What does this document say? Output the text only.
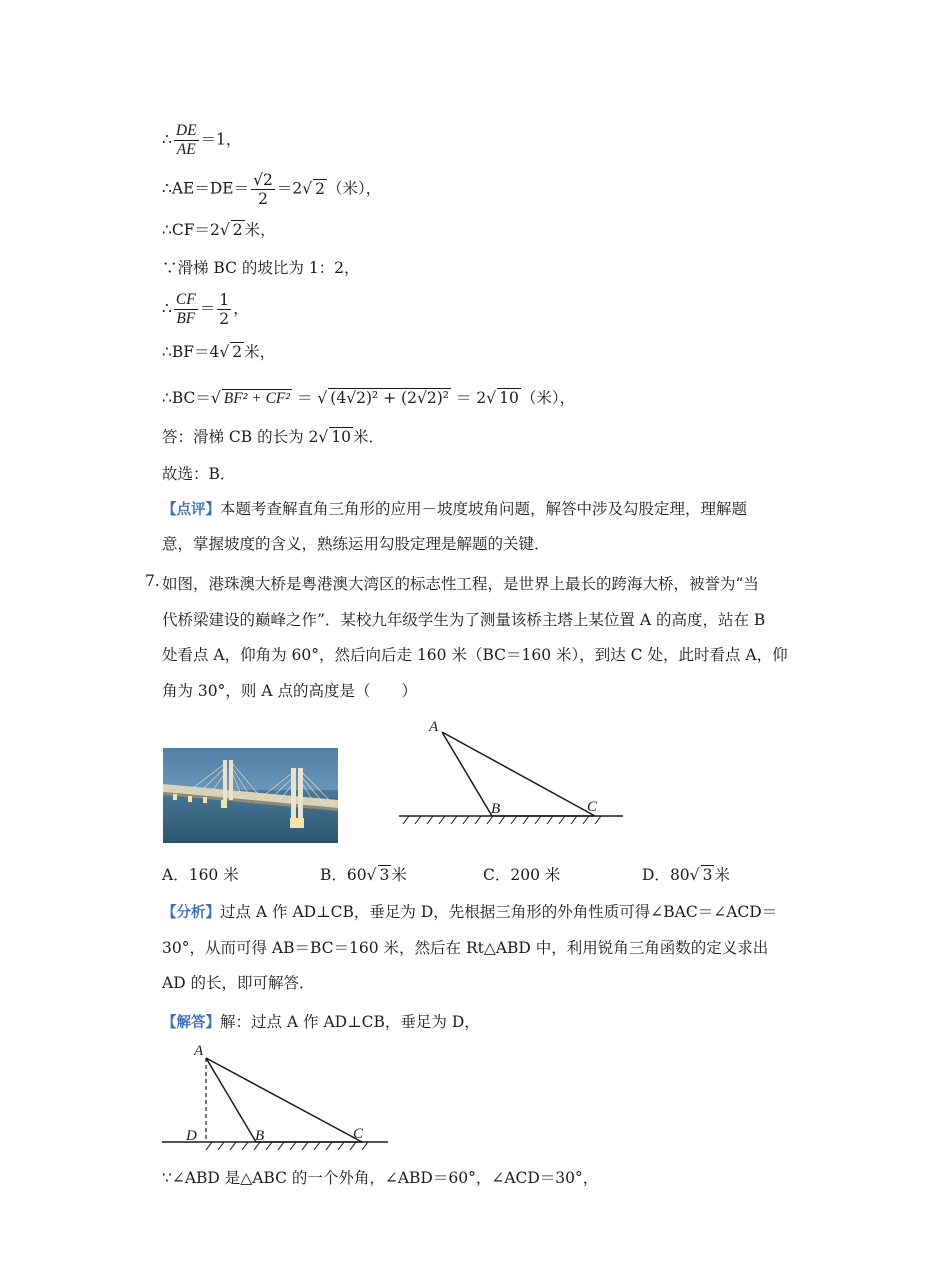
∴ $\frac{DE}{AE} =1$，
∴AE＝DE＝ $\frac{√2}{2} =2√$ 2 （米），
∴CF＝2√ 2 米，
∵滑梯 BC 的坡比为 1：2，
∴ $\frac{CF}{BF} = \frac{1}{2}$ ，
∴BF＝4√ 2 米，
∴BC＝√ BF² + CF² ＝ √ (4√2)² + (2√2)² ＝ 2√ 10 （米），
答：滑梯 CB 的长为 2√ 10 米．
故选：B．
【点评】本题考查解直角三角形的应用－坡度坡角问题，解答中涉及勾股定理，理解题
意，掌握坡度的含义，熟练运用勾股定理是解题的关键．
7. 如图，港珠澳大桥是粤港澳大湾区的标志性工程，是世界上最长的跨海大桥，被誉为“当
代桥梁建设的巅峰之作”．某校九年级学生为了测量该桥主塔上某位置 A 的高度，站在 B
处看点 A，仰角为 60°，然后向后走 160 米（BC＝160 米），到达 C 处，此时看点 A，仰
角为 30°，则 A 点的高度是（　　）
A
B	C
A．160 米	B．60√ 3 米	C．200 米	D．80√ 3 米
【分析】过点 A 作 AD⊥CB，垂足为 D，先根据三角形的外角性质可得∠BAC＝∠ACD＝
30°，从而可得 AB＝BC＝160 米，然后在 Rt△ABD 中，利用锐角三角函数的定义求出
AD 的长，即可解答．
【解答】解：过点 A 作 AD⊥CB，垂足为 D，
A
D	B	C
∵∠ABD 是△ABC 的一个外角，∠ABD＝60°，∠ACD＝30°，
